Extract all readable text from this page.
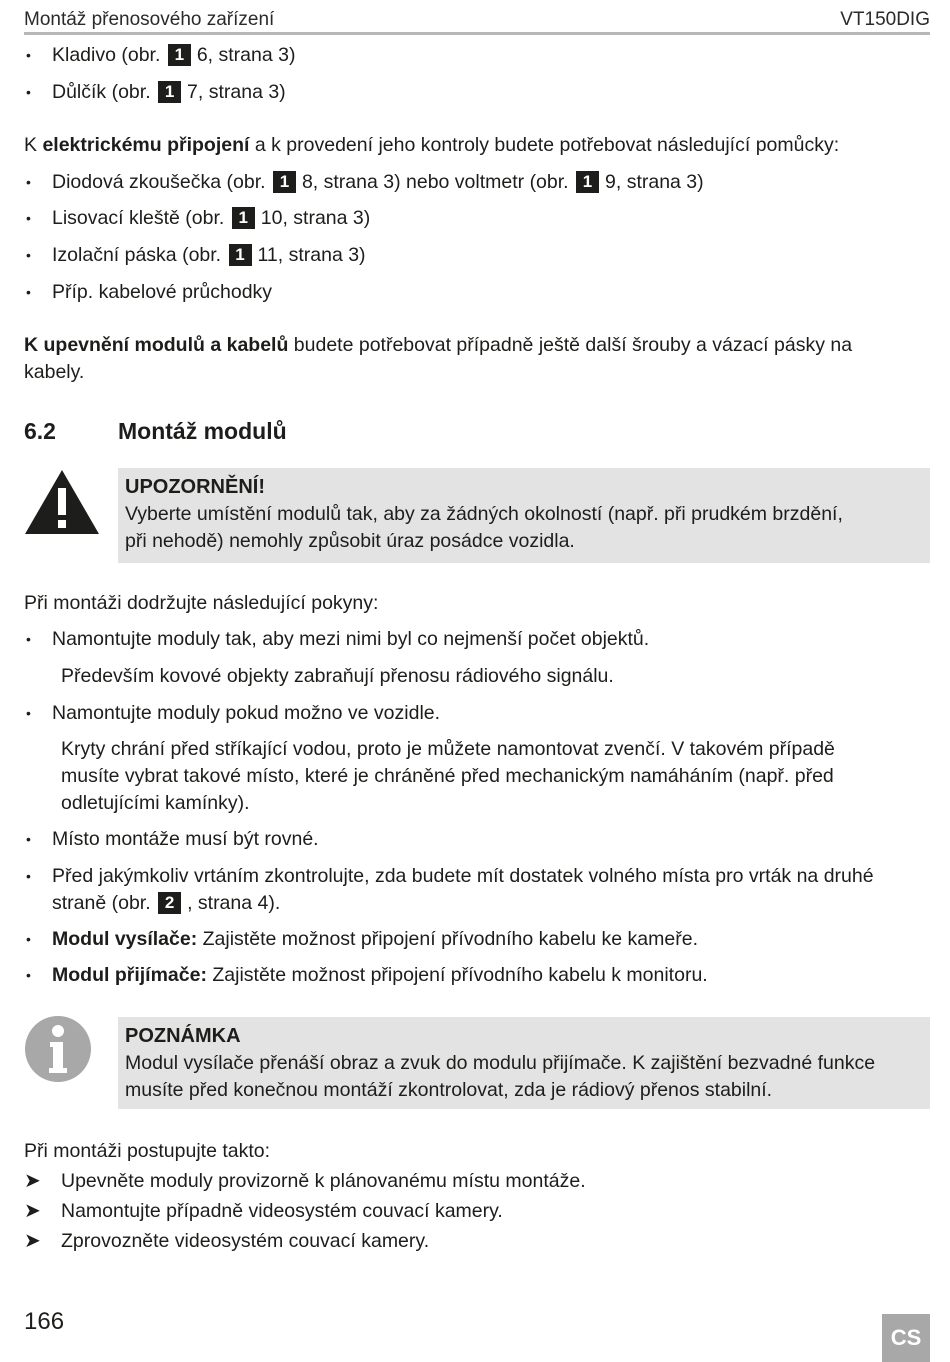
Montáž přenosového zařízení	VT150DIG
• Kladivo (obr. 1 6, strana 3)
• Důlčík (obr. 1 7, strana 3)
K elektrickému připojení a k provedení jeho kontroly budete potřebovat následující pomůcky:
• Diodová zkoušečka (obr. 1 8, strana 3) nebo voltmetr (obr. 1 9, strana 3)
• Lisovací kleště (obr. 1 10, strana 3)
• Izolační páska (obr. 1 11, strana 3)
• Příp. kabelové průchodky
K upevnění modulů a kabelů budete potřebovat případně ještě další šrouby a vázací pásky na
kabely.
6.2	Montáž modulů
UPOZORNĚNÍ!
Vyberte umístění modulů tak, aby za žádných okolností (např. při prudkém brzdění,
při nehodě) nemohly způsobit úraz posádce vozidla.
Při montáži dodržujte následující pokyny:
• Namontujte moduly tak, aby mezi nimi byl co nejmenší počet objektů.
Především kovové objekty zabraňují přenosu rádiového signálu.
• Namontujte moduly pokud možno ve vozidle.
Kryty chrání před stříkající vodou, proto je můžete namontovat zvenčí. V takovém případě
musíte vybrat takové místo, které je chráněné před mechanickým namáháním (např. před
odletujícími kamínky).
• Místo montáže musí být rovné.
• Před jakýmkoliv vrtáním zkontrolujte, zda budete mít dostatek volného místa pro vrták na druhé
straně (obr. 2 , strana 4).
• Modul vysílače: Zajistěte možnost připojení přívodního kabelu ke kameře.
• Modul přijímače: Zajistěte možnost připojení přívodního kabelu k monitoru.
POZNÁMKA
Modul vysílače přenáší obraz a zvuk do modulu přijímače. K zajištění bezvadné funkce
musíte před konečnou montáží zkontrolovat, zda je rádiový přenos stabilní.
Při montáži postupujte takto:
➤ Upevněte moduly provizorně k plánovanému místu montáže.
➤ Namontujte případně videosystém couvací kamery.
➤ Zprovozněte videosystém couvací kamery.
166
CS
